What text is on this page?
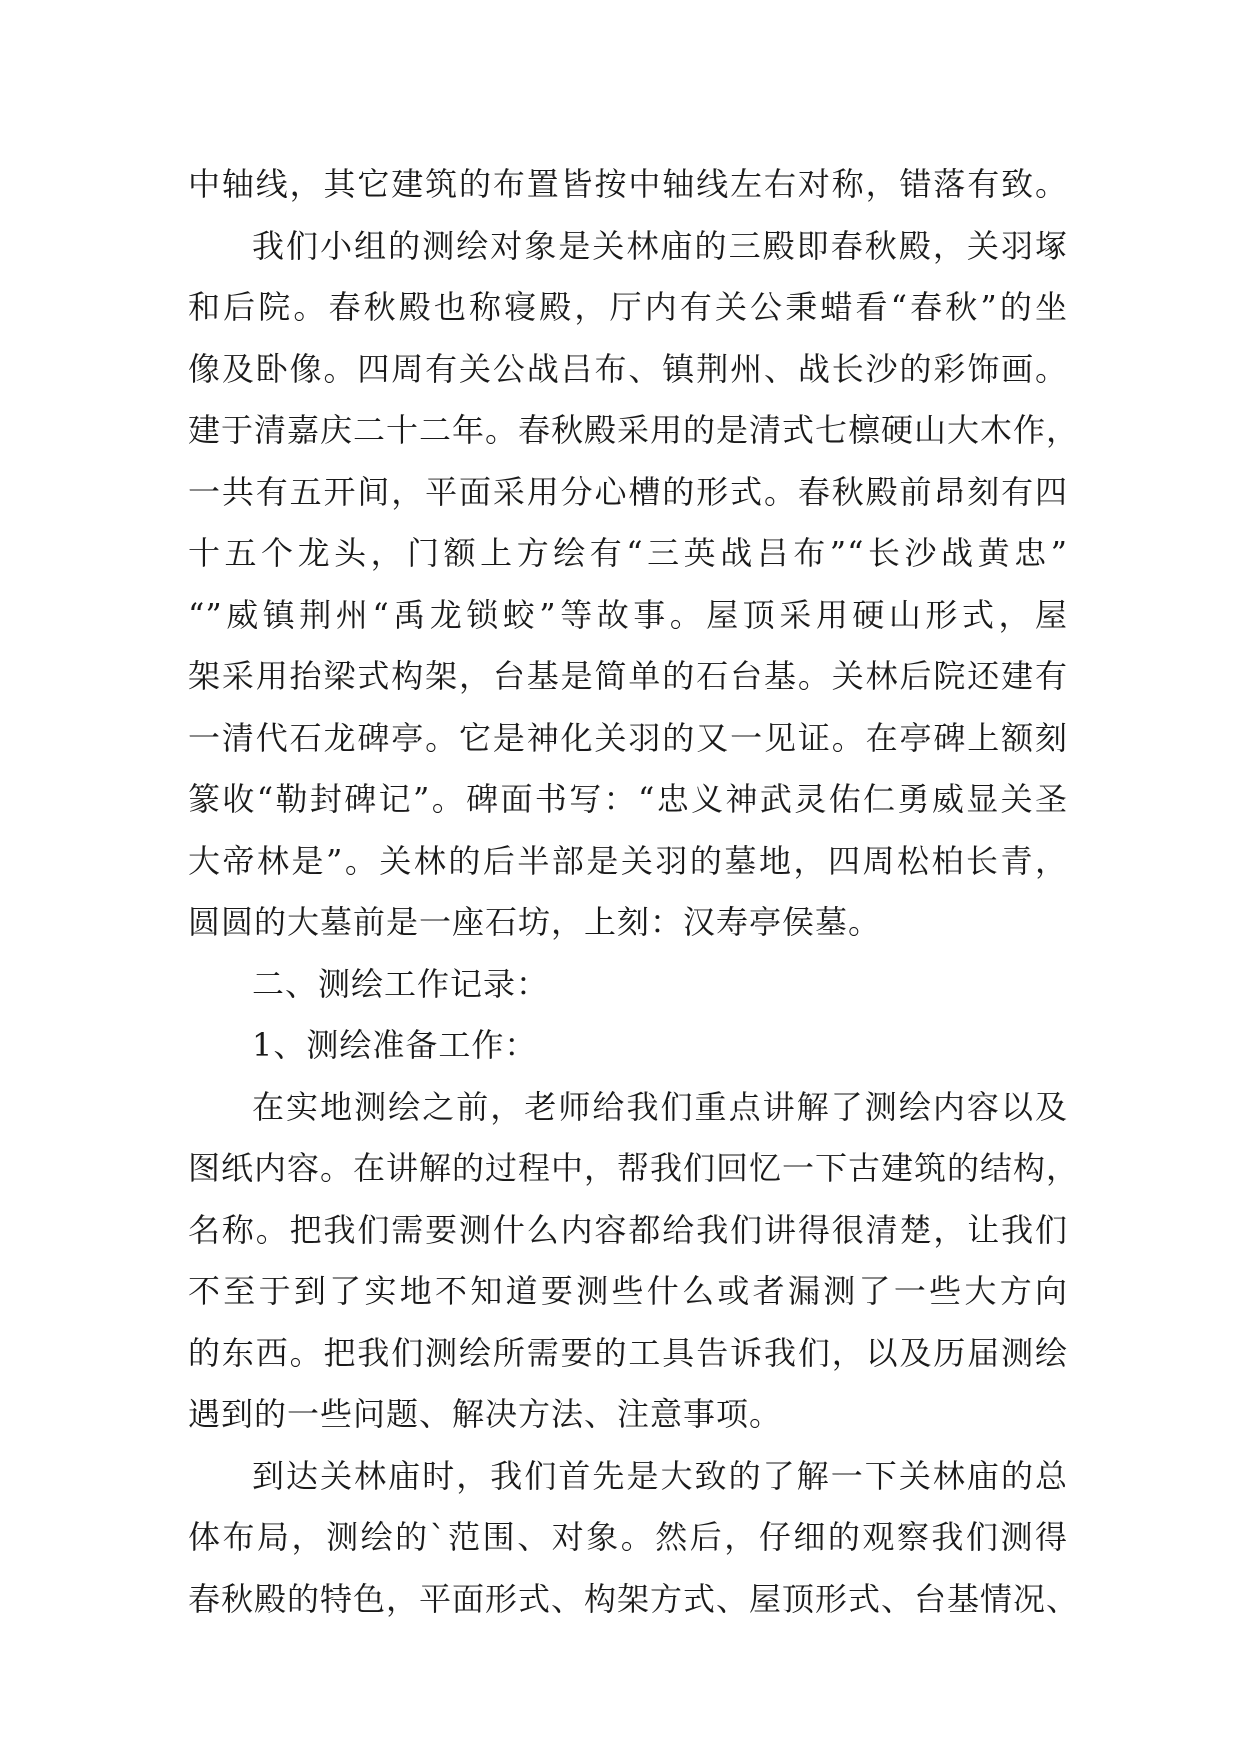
中轴线，其它建筑的布置皆按中轴线左右对称，错落有致。
我们小组的测绘对象是关林庙的三殿即春秋殿，关羽塚
和后院。春秋殿也称寝殿，厅内有关公秉蜡看“春秋”的坐
像及卧像。四周有关公战吕布、镇荆州、战长沙的彩饰画。
建于清嘉庆二十二年。春秋殿采用的是清式七檩硬山大木作，
一共有五开间，平面采用分心槽的形式。春秋殿前昂刻有四
十五个龙头，门额上方绘有“三英战吕布”“长沙战黄忠”
“”威镇荆州“禹龙锁蛟”等故事。屋顶采用硬山形式，屋
架采用抬梁式构架，台基是简单的石台基。关林后院还建有
一清代石龙碑亭。它是神化关羽的又一见证。在亭碑上额刻
篆收“勒封碑记”。碑面书写：“忠义神武灵佑仁勇威显关圣
大帝林是”。关林的后半部是关羽的墓地，四周松柏长青，
圆圆的大墓前是一座石坊，上刻：汉寿亭侯墓。
二、测绘工作记录：
1、测绘准备工作：
在实地测绘之前，老师给我们重点讲解了测绘内容以及
图纸内容。在讲解的过程中，帮我们回忆一下古建筑的结构，
名称。把我们需要测什么内容都给我们讲得很清楚，让我们
不至于到了实地不知道要测些什么或者漏测了一些大方向
的东西。把我们测绘所需要的工具告诉我们，以及历届测绘
遇到的一些问题、解决方法、注意事项。
到达关林庙时，我们首先是大致的了解一下关林庙的总
体布局，测绘的`范围、对象。然后，仔细的观察我们测得
春秋殿的特色，平面形式、构架方式、屋顶形式、台基情况、
